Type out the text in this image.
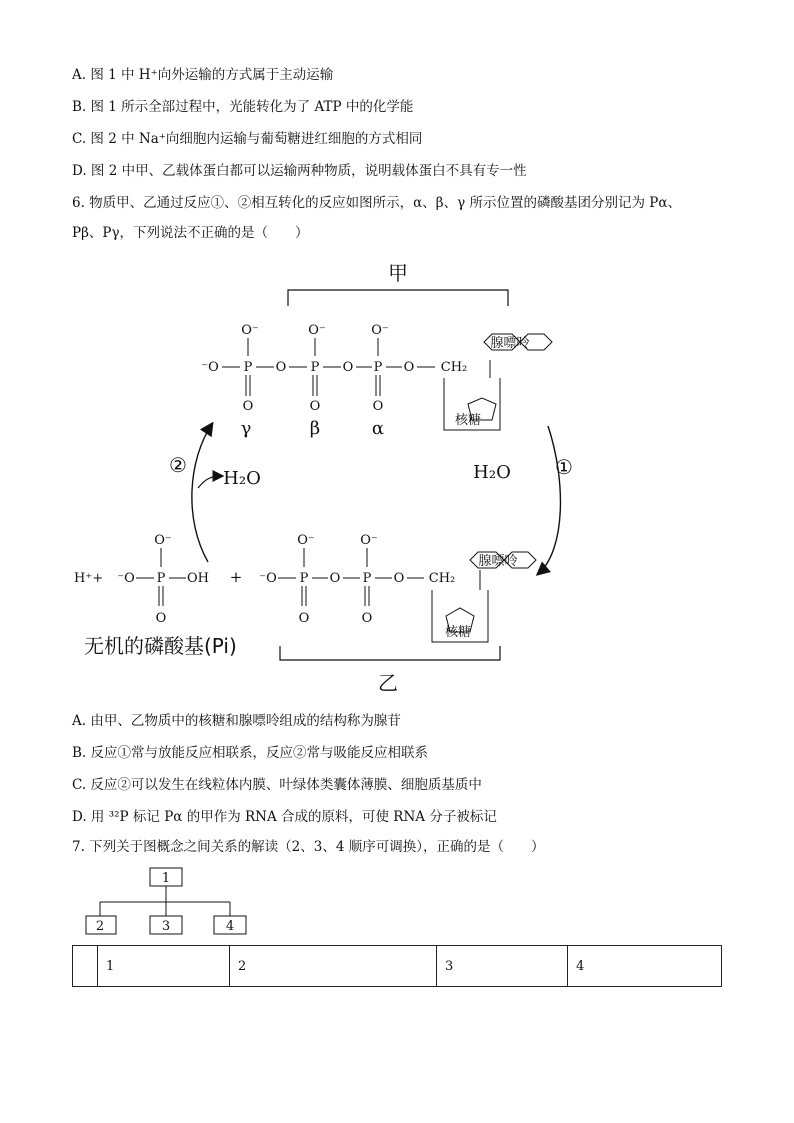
A. 图 1 中 H⁺向外运输的方式属于主动运输
B. 图 1 所示全部过程中，光能转化为了 ATP 中的化学能
C. 图 2 中 Na⁺向细胞内运输与葡萄糖进红细胞的方式相同
D. 图 2 中甲、乙载体蛋白都可以运输两种物质，说明载体蛋白不具有专一性
6. 物质甲、乙通过反应①、②相互转化的反应如图所示，α、β、γ 所示位置的磷酸基团分别记为 Pα、
Pβ、Pγ，下列说法不正确的是（　　）
甲
⁻O P O P O P O CH₂
O⁻	O⁻	O⁻
O	O	O
γ	β	α	核糖
腺嘌呤
①
H₂O
②
H₂O
H⁺+ ⁻O P OH
O⁻
O
无机的磷酸基(Pi)
+ ⁻O P O P O CH₂
O⁻	O⁻
O	O
核糖
腺嘌呤
乙
A. 由甲、乙物质中的核糖和腺嘌呤组成的结构称为腺苷
B. 反应①常与放能反应相联系，反应②常与吸能反应相联系
C. 反应②可以发生在线粒体内膜、叶绿体类囊体薄膜、细胞质基质中
D. 用 ³²P 标记 Pα 的甲作为 RNA 合成的原料，可使 RNA 分子被标记
7. 下列关于图概念之间关系的解读（2、3、4 顺序可调换），正确的是（　　）
1
2	3	4
	1	2	3	4
